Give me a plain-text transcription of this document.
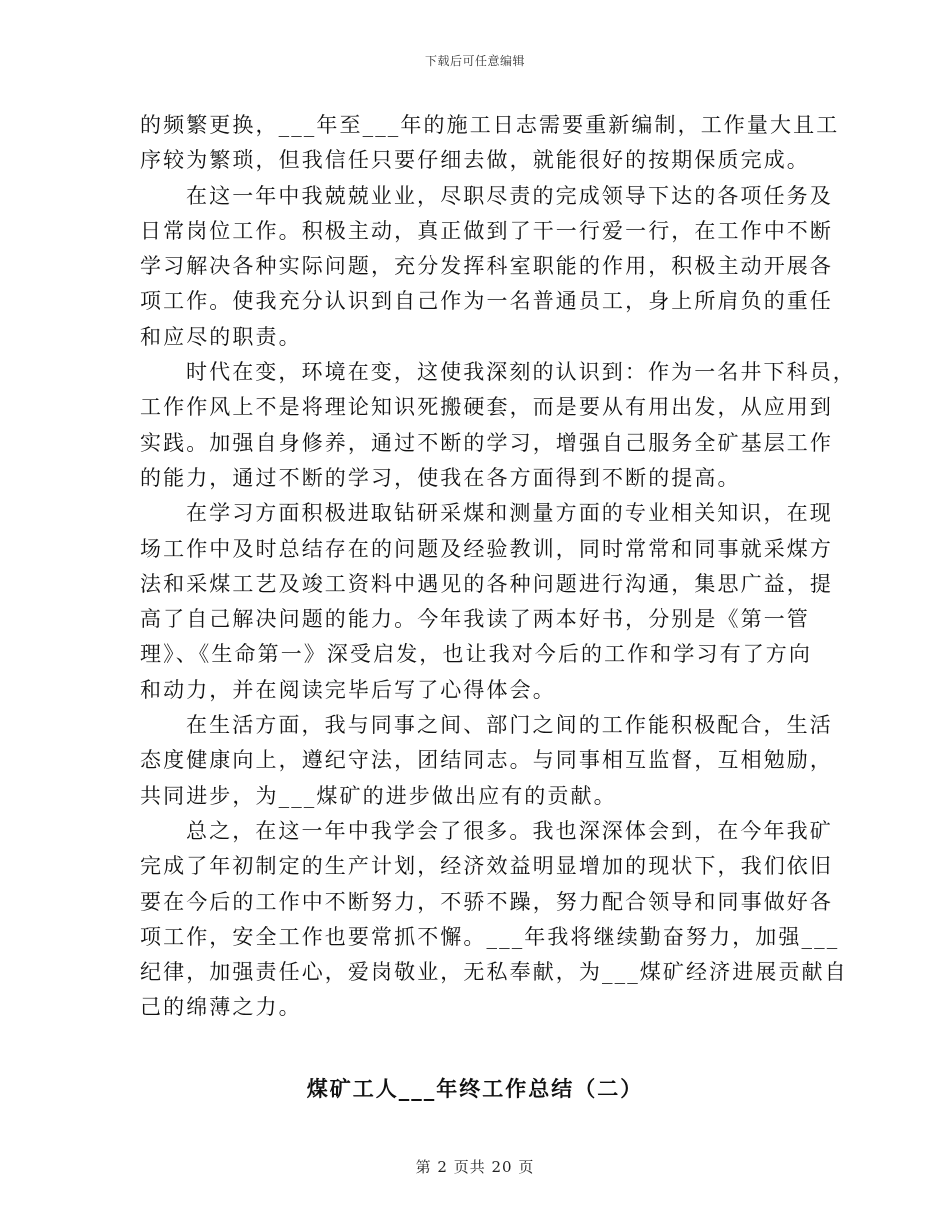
下载后可任意编辑
的频繁更换，___年至___年的施工日志需要重新编制，工作量大且工
序较为繁琐，但我信任只要仔细去做，就能很好的按期保质完成。
在这一年中我兢兢业业，尽职尽责的完成领导下达的各项任务及
日常岗位工作。积极主动，真正做到了干一行爱一行，在工作中不断
学习解决各种实际问题，充分发挥科室职能的作用，积极主动开展各
项工作。使我充分认识到自己作为一名普通员工，身上所肩负的重任
和应尽的职责。
时代在变，环境在变，这使我深刻的认识到：作为一名井下科员，
工作作风上不是将理论知识死搬硬套，而是要从有用出发，从应用到
实践。加强自身修养，通过不断的学习，增强自己服务全矿基层工作
的能力，通过不断的学习，使我在各方面得到不断的提高。
在学习方面积极进取钻研采煤和测量方面的专业相关知识，在现
场工作中及时总结存在的问题及经验教训，同时常常和同事就采煤方
法和采煤工艺及竣工资料中遇见的各种问题进行沟通，集思广益，提
高了自己解决问题的能力。今年我读了两本好书，分别是《第一管
理》、《生命第一》深受启发，也让我对今后的工作和学习有了方向
和动力，并在阅读完毕后写了心得体会。
在生活方面，我与同事之间、部门之间的工作能积极配合，生活
态度健康向上，遵纪守法，团结同志。与同事相互监督，互相勉励，
共同进步，为___煤矿的进步做出应有的贡献。
总之，在这一年中我学会了很多。我也深深体会到，在今年我矿
完成了年初制定的生产计划，经济效益明显增加的现状下，我们依旧
要在今后的工作中不断努力，不骄不躁，努力配合领导和同事做好各
项工作，安全工作也要常抓不懈。___年我将继续勤奋努力，加强___
纪律，加强责任心，爱岗敬业，无私奉献，为___煤矿经济进展贡献自
己的绵薄之力。
煤矿工人___年终工作总结（二）
第 2 页共 20 页
